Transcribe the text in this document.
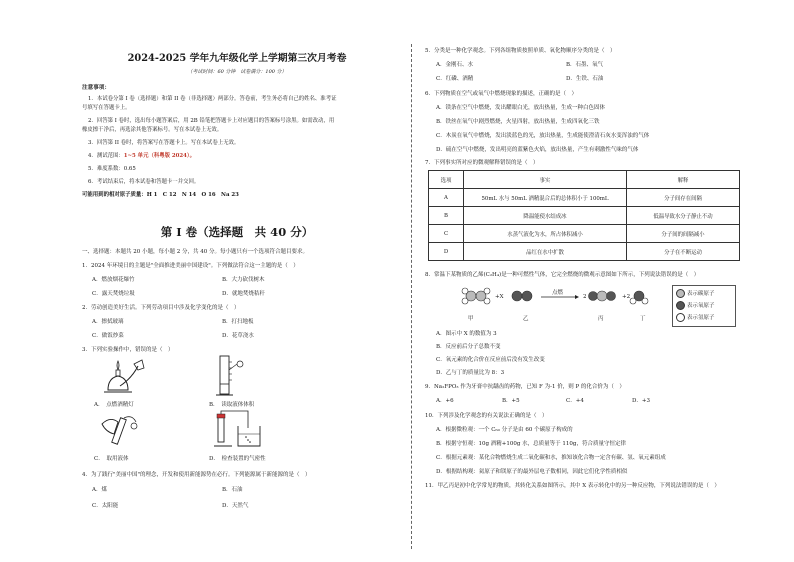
2024-2025 学年九年级化学上学期第三次月考卷
（考试时间：60 分钟　试卷满分：100 分）
注意事项：
1．本试卷分第 I 卷（选择题）和第 II 卷（非选择题）两部分。答卷前，考生务必将自己的姓名、准考证
号填写在答题卡上。
2．回答第 I 卷时，选出每小题答案后，用 2B 铅笔把答题卡上对应题目的答案标号涂黑。如需改动，用
橡皮擦干净后，再选涂其他答案标号。写在本试卷上无效。
3．回答第 II 卷时，将答案写在答题卡上。写在本试卷上无效。
4．测试范围：1~5 单元（科粤版 2024）。
5．难度系数：0.65
6．考试结束后，将本试卷和答题卡一并交回。
可能用到的相对原子质量：H 1　C 12　N 14　O 16　Na 23
第 I 卷（选择题　共 40 分）
一、选择题：本题共 20 小题，每小题 2 分，共 40 分。每小题只有一个选项符合题目要求。
1．2024 年环境日的主题是"全面推进美丽中国建设"。下列做法符合这一主题的是（　）
A．燃放烟花爆竹	B．大力砍伐树木
C．露天焚烧垃圾	D．就地焚烧秸秆
2．劳动创造美好生活。下列劳动项目中涉及化学变化的是（　）
A．擦拭玻璃	B．打扫地板
C．做饭炒菜	D．花草浇水
3．下列实验操作中，错误的是（　）
A．　点燃酒精灯	B．　读取液体体积
C．　取用液体	D．　检查装置的气密性
4．为了践行"美丽中国"的理念，开发和使用新能源势在必行。下列能源属于新能源的是（　）
A．煤	B．石油
C．太阳能	D．天然气
5．分类是一种化学观念。下列各组物质按照单质、氧化物顺序分类的是（　）
A．金刚石、水	B．石墨、氧气
C．红磷、酒精	D．生铁、石油
6．下列物质在空气或氧气中燃烧现象的描述，正确的是（　）
A．镁条在空气中燃烧，发出耀眼白光，放出热量，生成一种白色固体
B．铁丝在氧气中剧烈燃烧，火星四射，放出热量，生成四氧化三铁
C．木炭在氧气中燃烧，发出淡蓝色的光，放出热量，生成能使澄清石灰水变浑浊的气体
D．硫在空气中燃烧，发出明亮的蓝紫色火焰，放出热量，产生有刺激性气味的气体
7．下列事实所对应的微观解释错误的是（　）
选项	事实	解释
A	50mL 水与 50mL 酒精混合后的总体积小于 100mL	分子间存在间隔
B	降温能使水结成冰	低温导致水分子静止不动
C	水蒸气液化为水，所占体积减小	分子间的间隔减小
D	品红在水中扩散	分子在不断运动
8．常温下某物质的乙烯(C₂H₄)是一种可燃性气体，它完全燃烧的微观示意图如下所示，下列说法错误的是（　）
+X
点燃
2	+2
甲	乙	丙	丁
表示碳原子
表示氧原子
表示氢原子
A．图示中 X 的数值为 3
B．反应前后分子总数不变
C．氧元素的化合价在反应前后没有发生改变
D．乙与丁的质量比为 8：3
9．Na₂FPO₃ 作为牙膏中抗龋齿的药物，已知 F 为-1 价，则 P 的化合价为（　）
A．+6	B．+5	C．+4	D．+3
10．下列涉及化学观念的有关说法正确的是（　）
A．根据微粒观：一个 C₆₀ 分子是由 60 个碳原子构成的
B．根据守恒观：10g 酒精+100g 水，总质量等于 110g，符合质量守恒定律
C．根据元素观：某化合物燃烧生成二氧化碳和水，推知该化合物一定含有碳、氢、氧元素组成
D．根据结构观：氦原子和镁原子的最外层电子数相同，因此它们化学性质相似
11．甲乙丙是初中化学常见的物质，其转化关系如图所示，其中 X 表示转化中的另一种反应物，下列说法错误的是（　）
